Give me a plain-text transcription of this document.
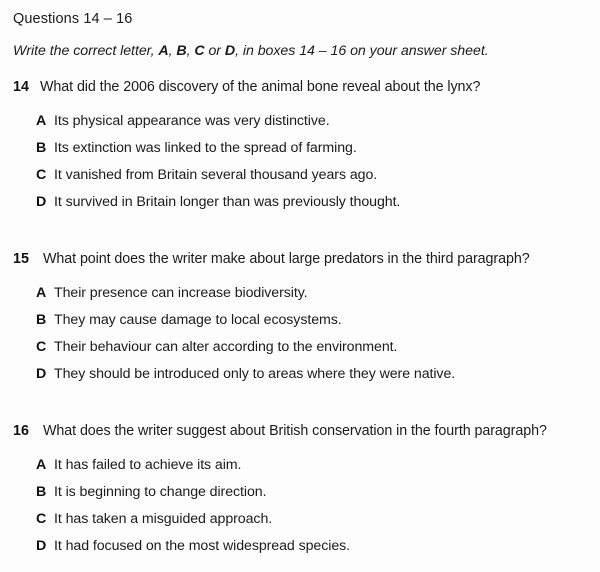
Questions 14 – 16
Write the correct letter, A, B, C or D, in boxes 14 – 16 on your answer sheet.
14 What did the 2006 discovery of the animal bone reveal about the lynx?
A Its physical appearance was very distinctive.
B Its extinction was linked to the spread of farming.
C It vanished from Britain several thousand years ago.
D It survived in Britain longer than was previously thought.
15 What point does the writer make about large predators in the third paragraph?
A Their presence can increase biodiversity.
B They may cause damage to local ecosystems.
C Their behaviour can alter according to the environment.
D They should be introduced only to areas where they were native.
16 What does the writer suggest about British conservation in the fourth paragraph?
A It has failed to achieve its aim.
B It is beginning to change direction.
C It has taken a misguided approach.
D It had focused on the most widespread species.
